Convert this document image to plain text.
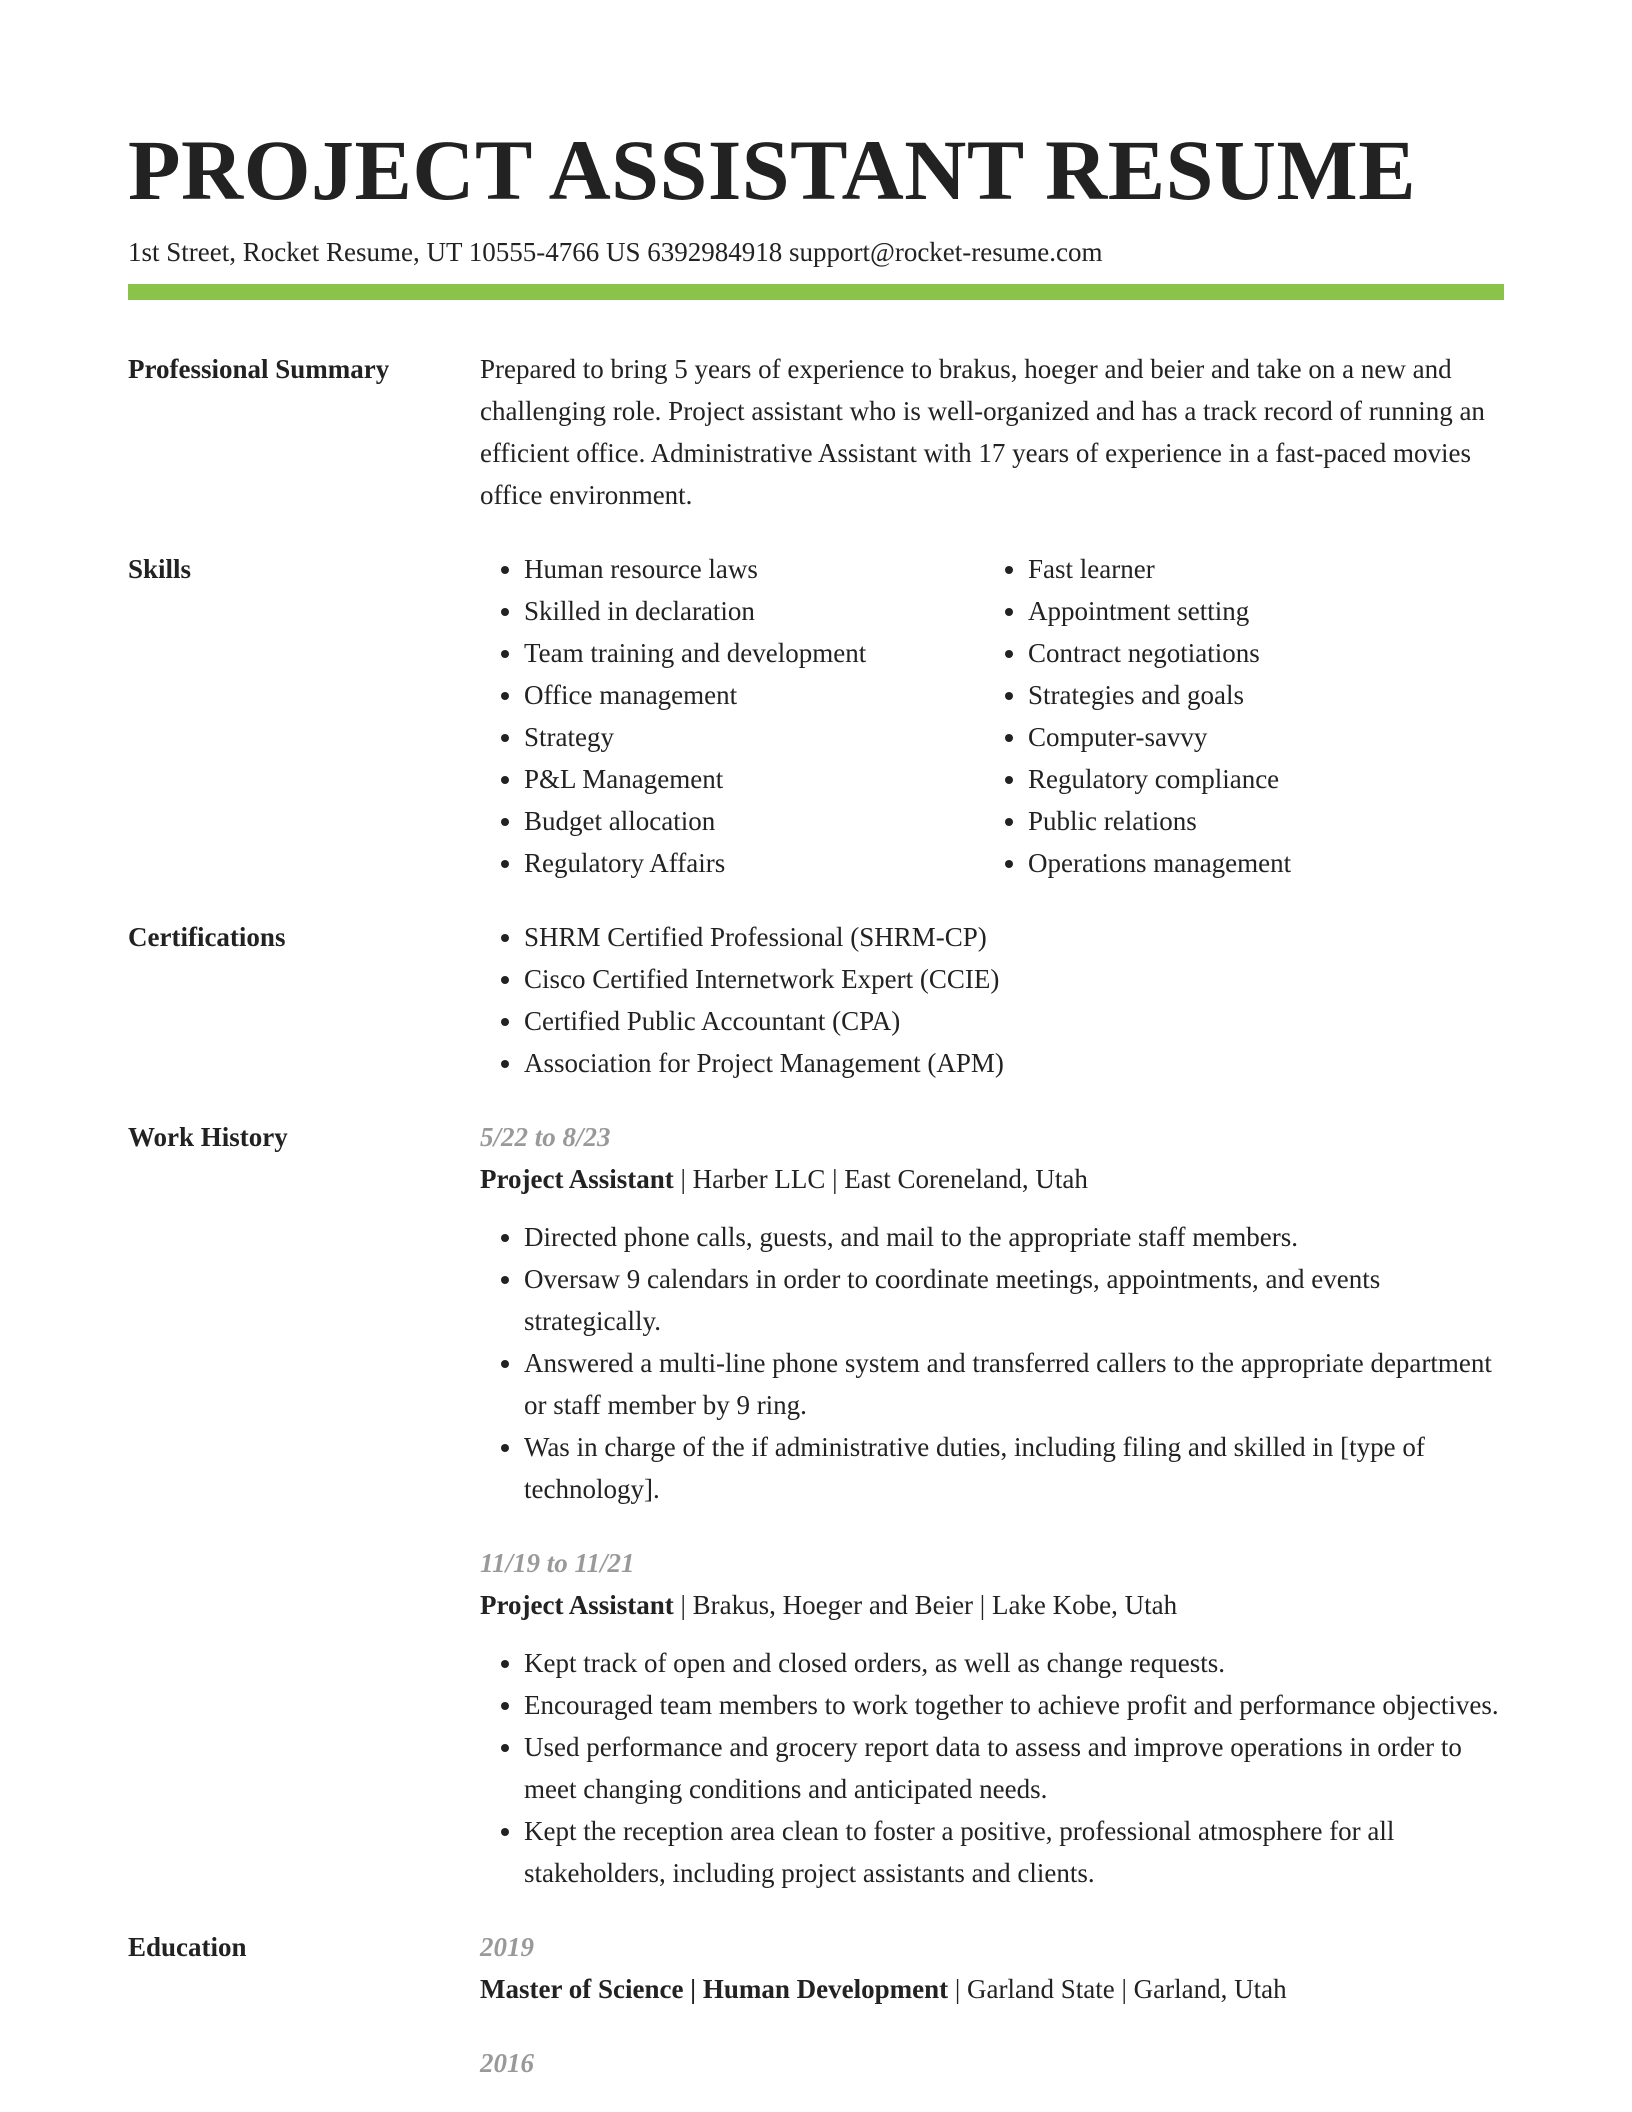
PROJECT ASSISTANT RESUME
1st Street, Rocket Resume, UT 10555-4766 US 6392984918 support@rocket-resume.com
Professional Summary	Prepared to bring 5 years of experience to brakus, hoeger and beier and take on a new and challenging role. Project assistant who is well-organized and has a track record of running an efficient office. Administrative Assistant with 17 years of experience in a fast-paced movies office environment.
Skills	• Human resource laws
• Skilled in declaration
• Team training and development
• Office management
• Strategy
• P&L Management
• Budget allocation
• Regulatory Affairs
• Fast learner
• Appointment setting
• Contract negotiations
• Strategies and goals
• Computer-savvy
• Regulatory compliance
• Public relations
• Operations management
Certifications	• SHRM Certified Professional (SHRM-CP)
• Cisco Certified Internetwork Expert (CCIE)
• Certified Public Accountant (CPA)
• Association for Project Management (APM)
Work History	5/22 to 8/23
Project Assistant | Harber LLC | East Coreneland, Utah
• Directed phone calls, guests, and mail to the appropriate staff members.
• Oversaw 9 calendars in order to coordinate meetings, appointments, and events strategically.
• Answered a multi-line phone system and transferred callers to the appropriate department or staff member by 9 ring.
• Was in charge of the if administrative duties, including filing and skilled in [type of technology].
11/19 to 11/21
Project Assistant | Brakus, Hoeger and Beier | Lake Kobe, Utah
• Kept track of open and closed orders, as well as change requests.
• Encouraged team members to work together to achieve profit and performance objectives.
• Used performance and grocery report data to assess and improve operations in order to meet changing conditions and anticipated needs.
• Kept the reception area clean to foster a positive, professional atmosphere for all stakeholders, including project assistants and clients.
Education	2019
Master of Science | Human Development | Garland State | Garland, Utah
2016
